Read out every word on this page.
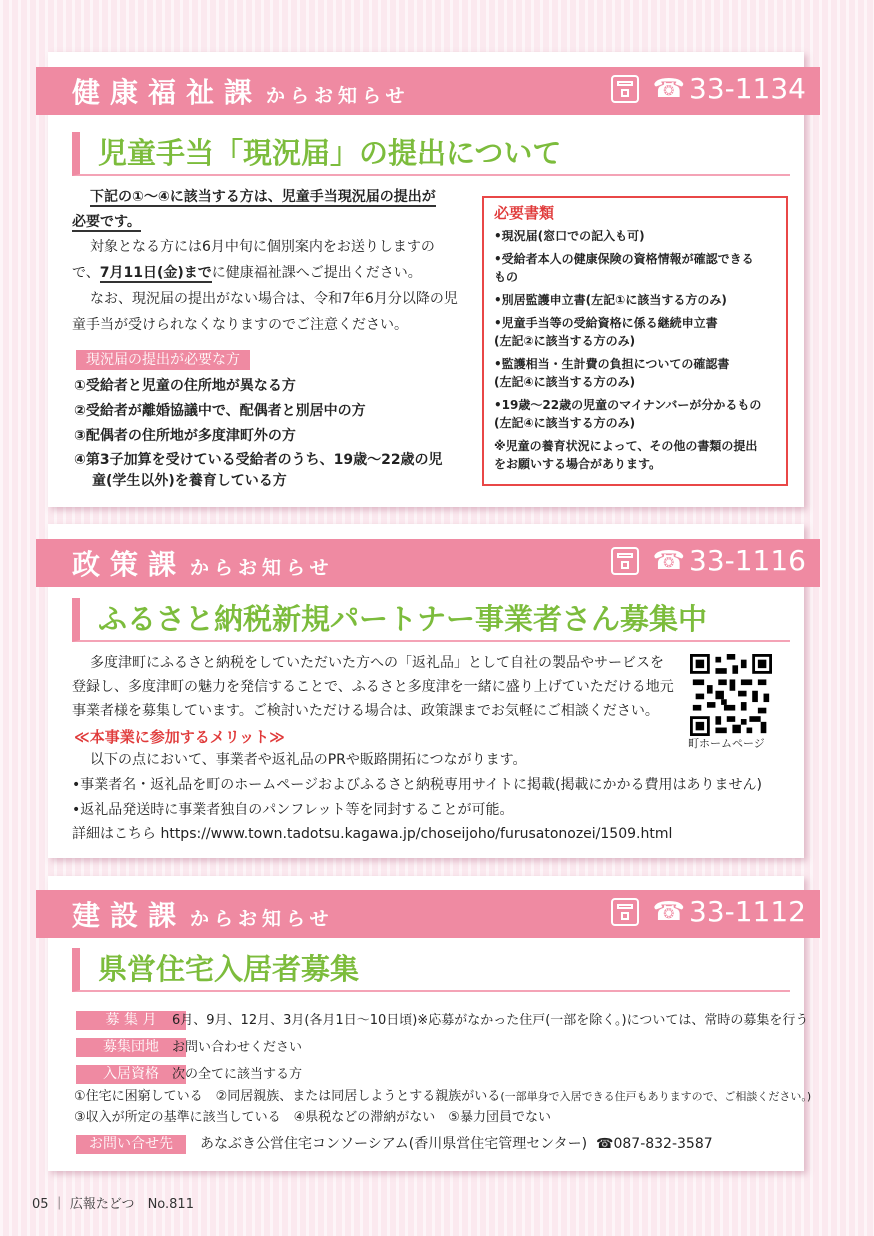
健康福祉課 からお知らせ	☎ 33-1134
児童手当「現況届」の提出について
下記の①～④に該当する方は、児童手当現況届の提出が
必要です。
対象となる方には6月中旬に個別案内をお送りしますの
で、7月11日(金)までに健康福祉課へご提出ください。
なお、現況届の提出がない場合は、令和7年6月分以降の児
童手当が受けられなくなりますのでご注意ください。
現況届の提出が必要な方
①受給者と児童の住所地が異なる方
②受給者が離婚協議中で、配偶者と別居中の方
③配偶者の住所地が多度津町外の方
④第3子加算を受けている受給者のうち、19歳～22歳の児
童(学生以外)を養育している方
必要書類
•現況届(窓口での記入も可)
•受給者本人の健康保険の資格情報が確認できる
もの
•別居監護申立書(左記①に該当する方のみ)
•児童手当等の受給資格に係る継続申立書
(左記②に該当する方のみ)
•監護相当・生計費の負担についての確認書
(左記④に該当する方のみ)
•19歳～22歳の児童のマイナンバーが分かるもの
(左記④に該当する方のみ)
※児童の養育状況によって、その他の書類の提出
をお願いする場合があります。
政策課 からお知らせ	☎ 33-1116
ふるさと納税新規パートナー事業者さん募集中
多度津町にふるさと納税をしていただいた方への「返礼品」として自社の製品やサービスを
登録し、多度津町の魅力を発信することで、ふるさと多度津を一緒に盛り上げていただける地元
事業者様を募集しています。ご検討いただける場合は、政策課までお気軽にご相談ください。
町ホームページ
≪本事業に参加するメリット≫
以下の点において、事業者や返礼品のPRや販路開拓につながります。
•事業者名・返礼品を町のホームページおよびふるさと納税専用サイトに掲載(掲載にかかる費用はありません)
•返礼品発送時に事業者独自のパンフレット等を同封することが可能。
詳細はこちら https://www.town.tadotsu.kagawa.jp/choseijoho/furusatonozei/1509.html
建設課 からお知らせ	☎ 33-1112
県営住宅入居者募集
募 集 月	6月、9月、12月、3月(各月1日～10日頃)※応募がなかった住戸(一部を除く。)については、常時の募集を行う
募集団地	お問い合わせください
入居資格	次の全てに該当する方
①住宅に困窮している　②同居親族、または同居しようとする親族がいる(一部単身で入居できる住戸もありますので、ご相談ください。)
③収入が所定の基準に該当している　④県税などの滞納がない　⑤暴力団員でない
お問い合せ先	あなぶき公営住宅コンソーシアム(香川県営住宅管理センター) ☎087-832-3587
05 ｜ 広報たどつ　 No.811
